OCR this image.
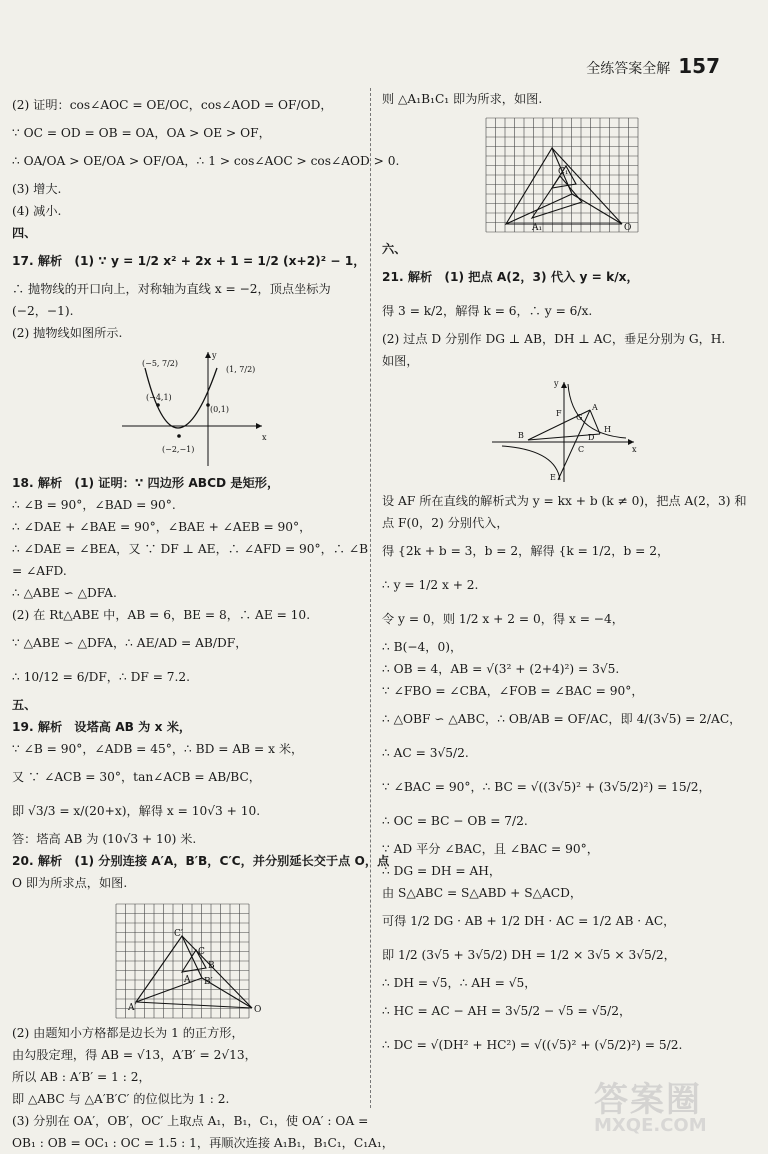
全练答案全解 157
(2) 证明：cos∠AOC = OE/OC，cos∠AOD = OF/OD，
∵ OC = OD = OB = OA，OA > OE > OF，
∴ OA/OA > OE/OA > OF/OA，∴ 1 > cos∠AOC > cos∠AOD > 0.
(3) 增大.
(4) 减小.
四、
17. 解析　(1) ∵ y = 1/2 x² + 2x + 1 = 1/2 (x+2)² − 1，
∴ 抛物线的开口向上，对称轴为直线 x = −2，顶点坐标为
(−2，−1).
(2) 抛物线如图所示.
x
y
(−5, 7/2)
(1, 7/2)
(−4,1)
(0,1)
(−2,−1)
18. 解析　(1) 证明：∵ 四边形 ABCD 是矩形，
∴ ∠B = 90°，∠BAD = 90°.
∴ ∠DAE + ∠BAE = 90°，∠BAE + ∠AEB = 90°，
∴ ∠DAE = ∠BEA，又 ∵ DF ⊥ AE，∴ ∠AFD = 90°，∴ ∠B
= ∠AFD.
∴ △ABE ∽ △DFA.
(2) 在 Rt△ABE 中，AB = 6，BE = 8，∴ AE = 10.
∵ △ABE ∽ △DFA，∴ AE/AD = AB/DF，
∴ 10/12 = 6/DF，∴ DF = 7.2.
五、
19. 解析　设塔高 AB 为 x 米，
∵ ∠B = 90°，∠ADB = 45°，∴ BD = AB = x 米，
又 ∵ ∠ACB = 30°，tan∠ACB = AB/BC，
即 √3/3 = x/(20+x)，解得 x = 10√3 + 10.
答：塔高 AB 为 (10√3 + 10) 米.
20. 解析　(1) 分别连接 A′A，B′B，C′C，并分别延长交于点 O，点
O 即为所求点，如图.
A′
C′
B′
C
B
A
O
(2) 由题知小方格都是边长为 1 的正方形，
由勾股定理，得 AB = √13，A′B′ = 2√13，
所以 AB : A′B′ = 1 : 2，
即 △ABC 与 △A′B′C′ 的位似比为 1 : 2.
(3) 分别在 OA′，OB′，OC′ 上取点 A₁，B₁，C₁，使 OA′ : OA =
OB₁ : OB = OC₁ : OC = 1.5 : 1，再顺次连接 A₁B₁，B₁C₁，C₁A₁，
则 △A₁B₁C₁ 即为所求，如图.
A₁
C₁
O
六、
21. 解析　(1) 把点 A(2，3) 代入 y = k/x，
得 3 = k/2，解得 k = 6，∴ y = 6/x.
(2) 过点 D 分别作 DG ⊥ AB，DH ⊥ AC，垂足分别为 G，H.
如图，
x
y
A
B
C
D
E
F G
H
设 AF 所在直线的解析式为 y = kx + b (k ≠ 0)，把点 A(2，3) 和
点 F(0，2) 分别代入，
得 {2k + b = 3，b = 2，解得 {k = 1/2，b = 2，
∴ y = 1/2 x + 2.
令 y = 0，则 1/2 x + 2 = 0，得 x = −4，
∴ B(−4，0)，
∴ OB = 4，AB = √(3² + (2+4)²) = 3√5.
∵ ∠FBO = ∠CBA，∠FOB = ∠BAC = 90°，
∴ △OBF ∽ △ABC，∴ OB/AB = OF/AC，即 4/(3√5) = 2/AC，
∴ AC = 3√5/2.
∵ ∠BAC = 90°，∴ BC = √((3√5)² + (3√5/2)²) = 15/2，
∴ OC = BC − OB = 7/2.
∵ AD 平分 ∠BAC，且 ∠BAC = 90°，
∴ DG = DH = AH，
由 S△ABC = S△ABD + S△ACD，
可得 1/2 DG · AB + 1/2 DH · AC = 1/2 AB · AC，
即 1/2 (3√5 + 3√5/2) DH = 1/2 × 3√5 × 3√5/2，
∴ DH = √5，∴ AH = √5，
∴ HC = AC − AH = 3√5/2 − √5 = √5/2，
∴ DC = √(DH² + HC²) = √((√5)² + (√5/2)²) = 5/2.
答案圈
MXQE.COM
